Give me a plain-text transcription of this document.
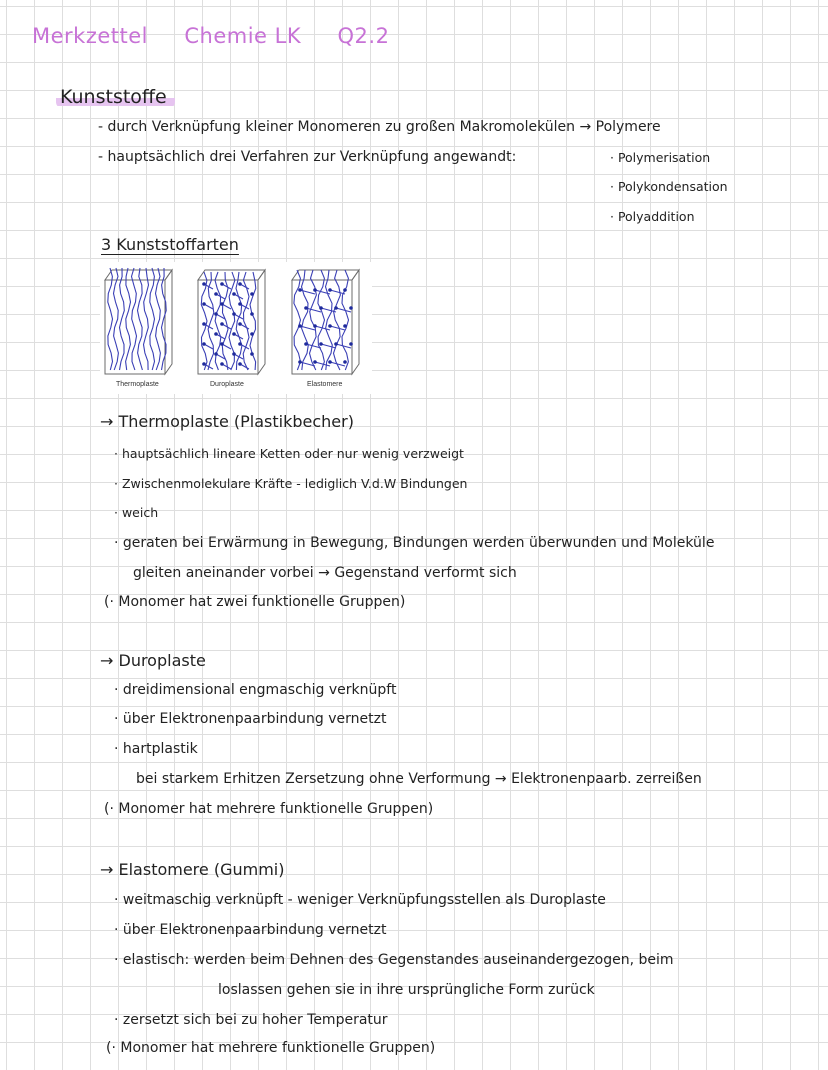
Merkzettel Chemie LK Q2.2
Kunststoffe
- durch Verknüpfung kleiner Monomeren zu großen Makromolekülen → Polymere
- hauptsächlich drei Verfahren zur Verknüpfung angewandt:	· Polymerisation
· Polykondensation
· Polyaddition
3 Kunststoffarten
Thermoplaste	Duroplaste	Elastomere
→ Thermoplaste (Plastikbecher)
· hauptsächlich lineare Ketten oder nur wenig verzweigt
· Zwischenmolekulare Kräfte - lediglich V.d.W Bindungen
· weich
· geraten bei Erwärmung in Bewegung, Bindungen werden überwunden und Moleküle
gleiten aneinander vorbei → Gegenstand verformt sich
(· Monomer hat zwei funktionelle Gruppen)
→ Duroplaste
· dreidimensional engmaschig verknüpft
· über Elektronenpaarbindung vernetzt
· hartplastik
bei starkem Erhitzen Zersetzung ohne Verformung → Elektronenpaarb. zerreißen
(· Monomer hat mehrere funktionelle Gruppen)
→ Elastomere (Gummi)
· weitmaschig verknüpft - weniger Verknüpfungsstellen als Duroplaste
· über Elektronenpaarbindung vernetzt
· elastisch: werden beim Dehnen des Gegenstandes auseinandergezogen, beim
loslassen gehen sie in ihre ursprüngliche Form zurück
· zersetzt sich bei zu hoher Temperatur
(· Monomer hat mehrere funktionelle Gruppen)
